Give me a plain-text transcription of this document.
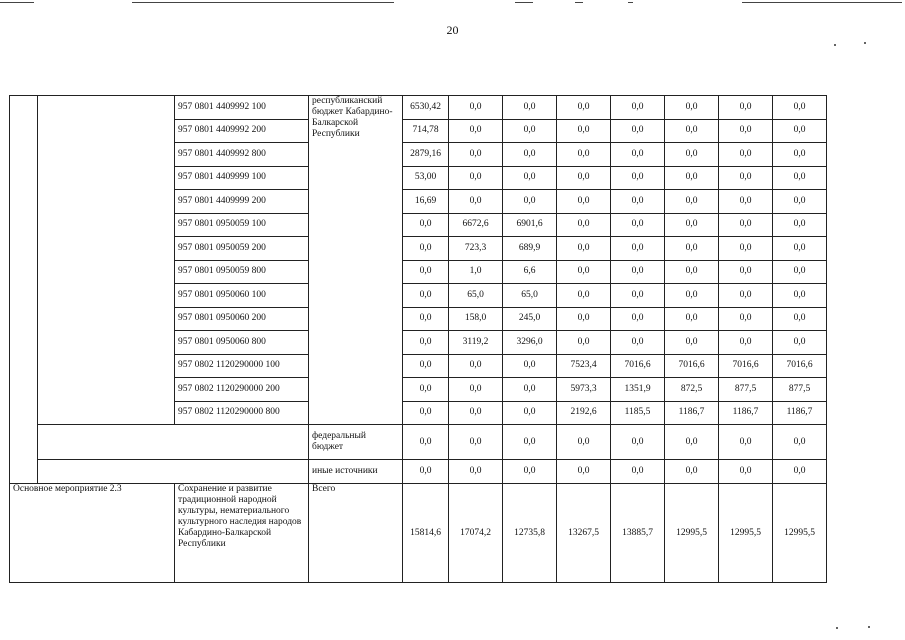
20
		957 0801 4409992 100	республиканский бюджет Кабардино-Балкарской Республики	6530,42	0,0	0,0	0,0	0,0	0,0	0,0	0,0
		957 0801 4409992 200		714,78	0,0	0,0	0,0	0,0	0,0	0,0	0,0
		957 0801 4409992 800		2879,16	0,0	0,0	0,0	0,0	0,0	0,0	0,0
		957 0801 4409999 100		53,00	0,0	0,0	0,0	0,0	0,0	0,0	0,0
		957 0801 4409999 200		16,69	0,0	0,0	0,0	0,0	0,0	0,0	0,0
		957 0801 0950059 100		0,0	6672,6	6901,6	0,0	0,0	0,0	0,0	0,0
		957 0801 0950059 200		0,0	723,3	689,9	0,0	0,0	0,0	0,0	0,0
		957 0801 0950059 800		0,0	1,0	6,6	0,0	0,0	0,0	0,0	0,0
		957 0801 0950060 100		0,0	65,0	65,0	0,0	0,0	0,0	0,0	0,0
		957 0801 0950060 200		0,0	158,0	245,0	0,0	0,0	0,0	0,0	0,0
		957 0801 0950060 800		0,0	3119,2	3296,0	0,0	0,0	0,0	0,0	0,0
		957 0802 1120290000 100		0,0	0,0	0,0	7523,4	7016,6	7016,6	7016,6	7016,6
		957 0802 1120290000 200		0,0	0,0	0,0	5973,3	1351,9	872,5	877,5	877,5
		957 0802 1120290000 800		0,0	0,0	0,0	2192,6	1185,5	1186,7	1186,7	1186,7
			федеральный бюджет	0,0	0,0	0,0	0,0	0,0	0,0	0,0	0,0
			иные источники	0,0	0,0	0,0	0,0	0,0	0,0	0,0	0,0
Основное мероприятие 2.3		Сохранение и развитие традиционной народной культуры, нематериального культурного наследия народов Кабардино-Балкарской Республики	Всего	15814,6	17074,2	12735,8	13267,5	13885,7	12995,5	12995,5	12995,5
